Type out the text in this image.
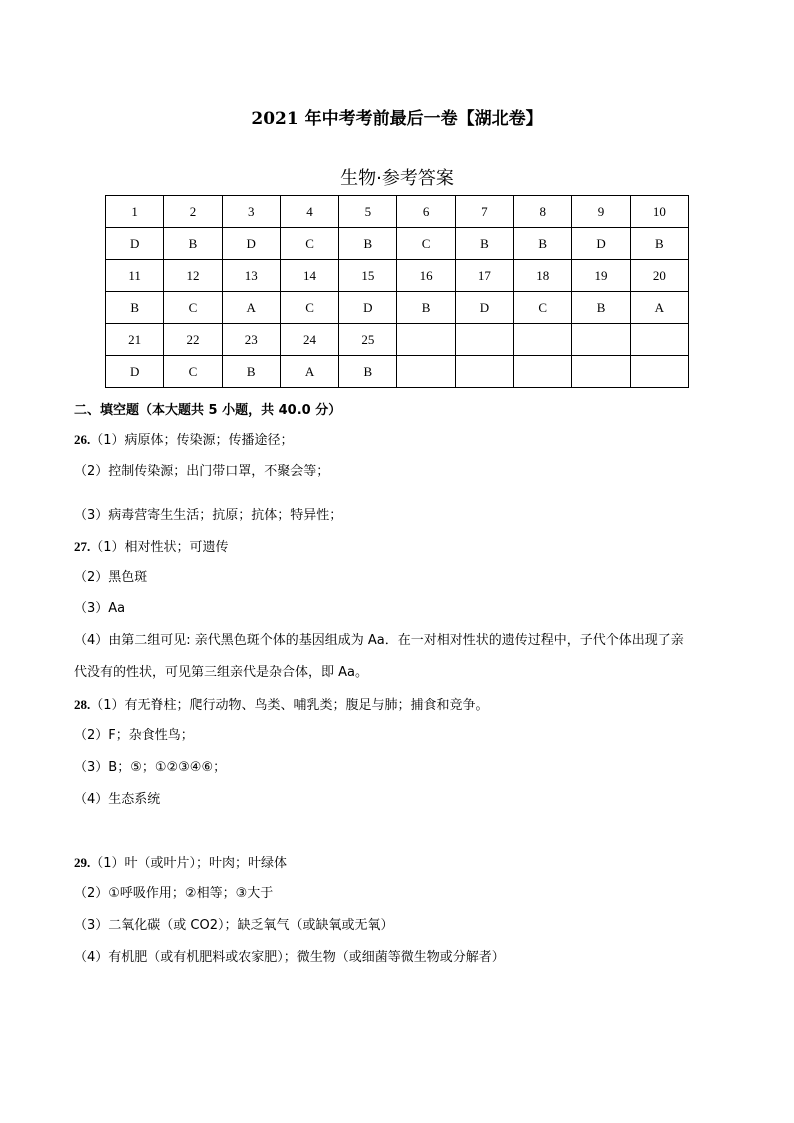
2021 年中考考前最后一卷【湖北卷】
生物·参考答案
1	2	3	4	5	6	7	8	9	10
D	B	D	C	B	C	B	B	D	B
11	12	13	14	15	16	17	18	19	20
B	C	A	C	D	B	D	C	B	A
21	22	23	24	25					
D	C	B	A	B					
二、填空题（本大题共 5 小题，共 40.0 分）
26.（1）病原体；传染源；传播途径；
（2）控制传染源；出门带口罩，不聚会等；
（3）病毒营寄生生活；抗原；抗体；特异性；
27.（1）相对性状；可遗传
（2）黑色斑
（3）Aa
（4）由第二组可见: 亲代黑色斑个体的基因组成为 Aa．在一对相对性状的遗传过程中，子代个体出现了亲
代没有的性状，可见第三组亲代是杂合体，即 Aa。
28.（1）有无脊柱；爬行动物、鸟类、哺乳类；腹足与肺；捕食和竞争。
（2）F；杂食性鸟；
（3）B；⑤；①②③④⑥；
（4）生态系统
29.（1）叶（或叶片）；叶肉；叶绿体
（2）①呼吸作用；②相等；③大于
（3）二氧化碳（或 CO2）；缺乏氧气（或缺氧或无氧）
（4）有机肥（或有机肥料或农家肥）；微生物（或细菌等微生物或分解者）
